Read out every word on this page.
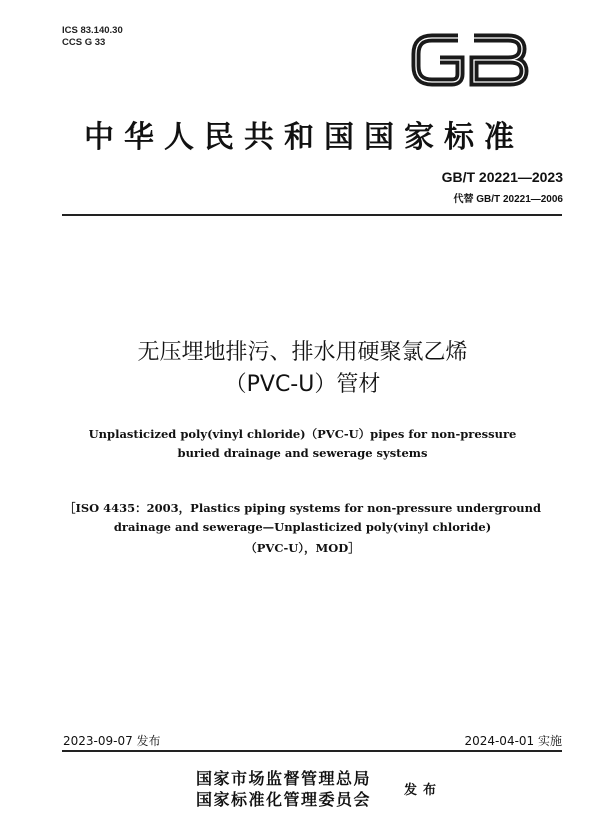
ICS 83.140.30
CCS G 33
中华人民共和国国家标准
GB/T 20221—2023
代替 GB/T 20221—2006
无压埋地排污、排水用硬聚氯乙烯
（PVC-U）管材
Unplasticized poly(vinyl chloride)（PVC-U）pipes for non-pressure
buried drainage and sewerage systems
［ISO 4435：2003，Plastics piping systems for non-pressure underground
drainage and sewerage—Unplasticized poly(vinyl chloride)
（PVC-U），MOD］
2023-09-07 发布	2024-04-01 实施
国家市场监督管理总局
国家标准化管理委员会	发布
